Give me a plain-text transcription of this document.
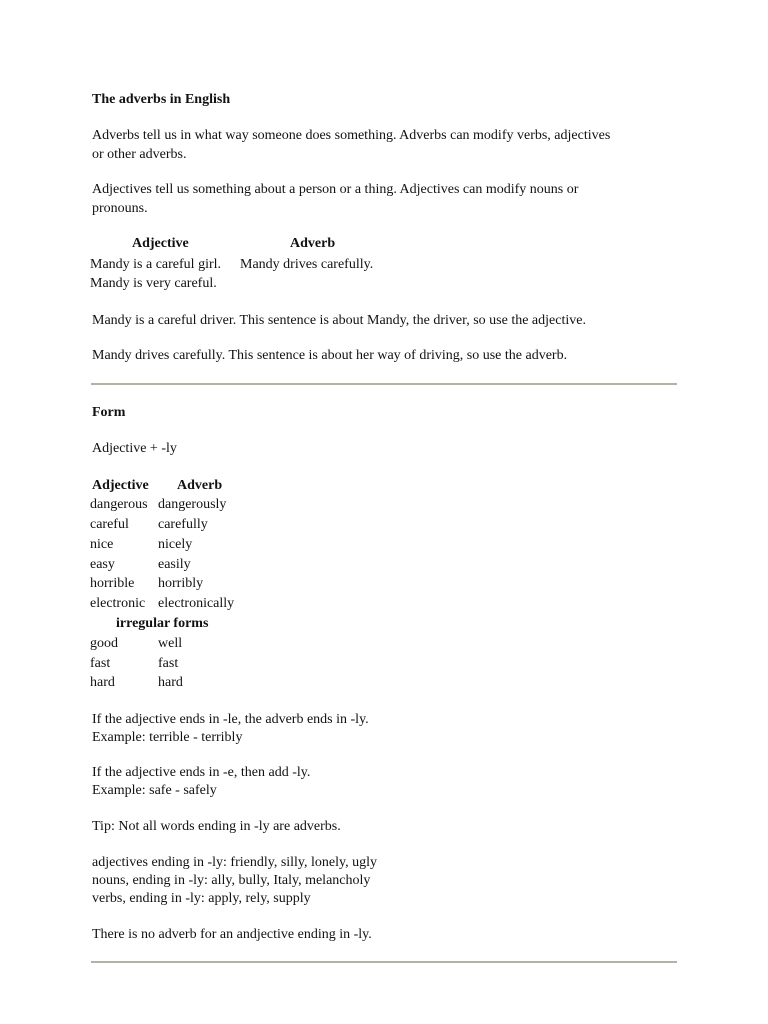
The adverbs in English
Adverbs tell us in what way someone does something. Adverbs can modify verbs, adjectives
or other adverbs.
Adjectives tell us something about a person or a thing. Adjectives can modify nouns or
pronouns.
Adjective	Adverb
Mandy is a careful girl. Mandy drives carefully.
Mandy is very careful.
Mandy is a careful driver. This sentence is about Mandy, the driver, so use the adjective.
Mandy drives carefully. This sentence is about her way of driving, so use the adverb.
Form
Adjective + -ly
Adjective Adverb
dangerous dangerously
careful carefully
nice	nicely
easy	easily
horrible horribly
electronic electronically
irregular forms
good	well
fast	fast
hard	hard
If the adjective ends in -le, the adverb ends in -ly.
Example: terrible - terribly
If the adjective ends in -e, then add -ly.
Example: safe - safely
Tip: Not all words ending in -ly are adverbs.
adjectives ending in -ly: friendly, silly, lonely, ugly
nouns, ending in -ly: ally, bully, Italy, melancholy
verbs, ending in -ly: apply, rely, supply
There is no adverb for an andjective ending in -ly.
